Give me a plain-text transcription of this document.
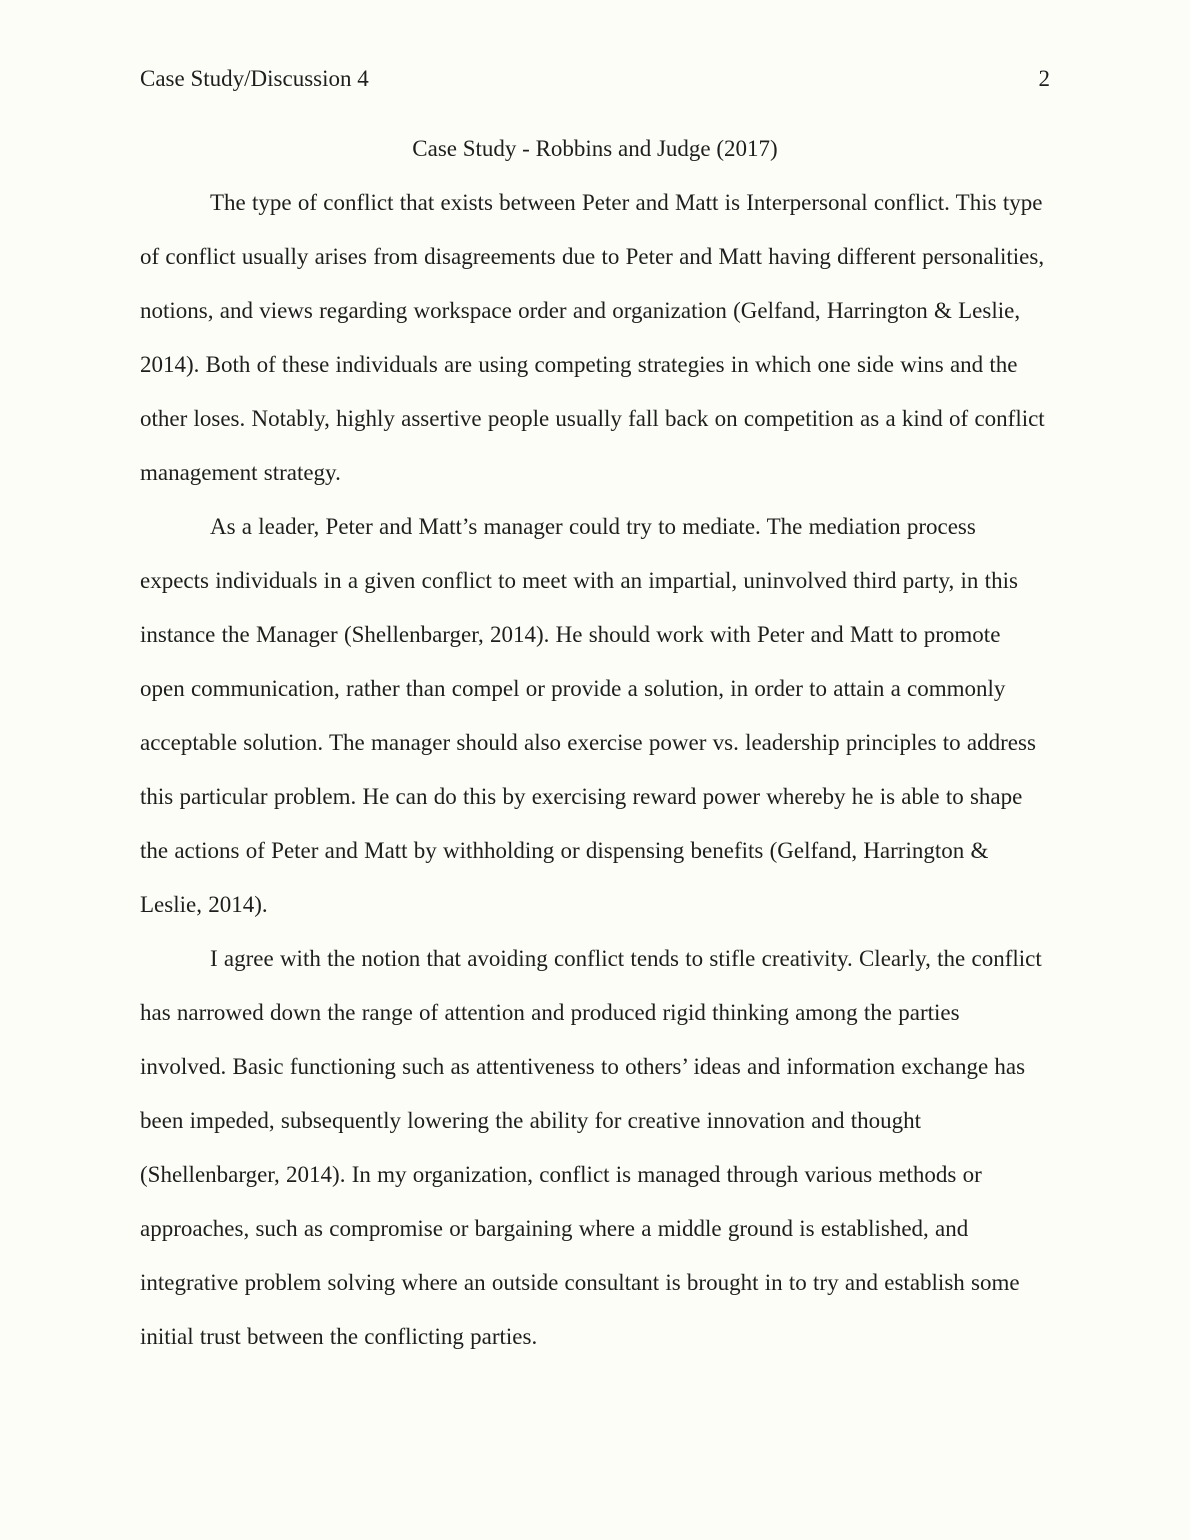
Case Study/Discussion 4	2
Case Study - Robbins and Judge (2017)

The type of conflict that exists between Peter and Matt is Interpersonal conflict. This type of conflict usually arises from disagreements due to Peter and Matt having different personalities, notions, and views regarding workspace order and organization (Gelfand, Harrington & Leslie, 2014). Both of these individuals are using competing strategies in which one side wins and the other loses. Notably, highly assertive people usually fall back on competition as a kind of conflict management strategy.

As a leader, Peter and Matt’s manager could try to mediate. The mediation process expects individuals in a given conflict to meet with an impartial, uninvolved third party, in this instance the Manager (Shellenbarger, 2014). He should work with Peter and Matt to promote open communication, rather than compel or provide a solution, in order to attain a commonly acceptable solution. The manager should also exercise power vs. leadership principles to address this particular problem. He can do this by exercising reward power whereby he is able to shape the actions of Peter and Matt by withholding or dispensing benefits (Gelfand, Harrington & Leslie, 2014).

I agree with the notion that avoiding conflict tends to stifle creativity. Clearly, the conflict has narrowed down the range of attention and produced rigid thinking among the parties involved. Basic functioning such as attentiveness to others’ ideas and information exchange has been impeded, subsequently lowering the ability for creative innovation and thought (Shellenbarger, 2014). In my organization, conflict is managed through various methods or approaches, such as compromise or bargaining where a middle ground is established, and integrative problem solving where an outside consultant is brought in to try and establish some initial trust between the conflicting parties.
